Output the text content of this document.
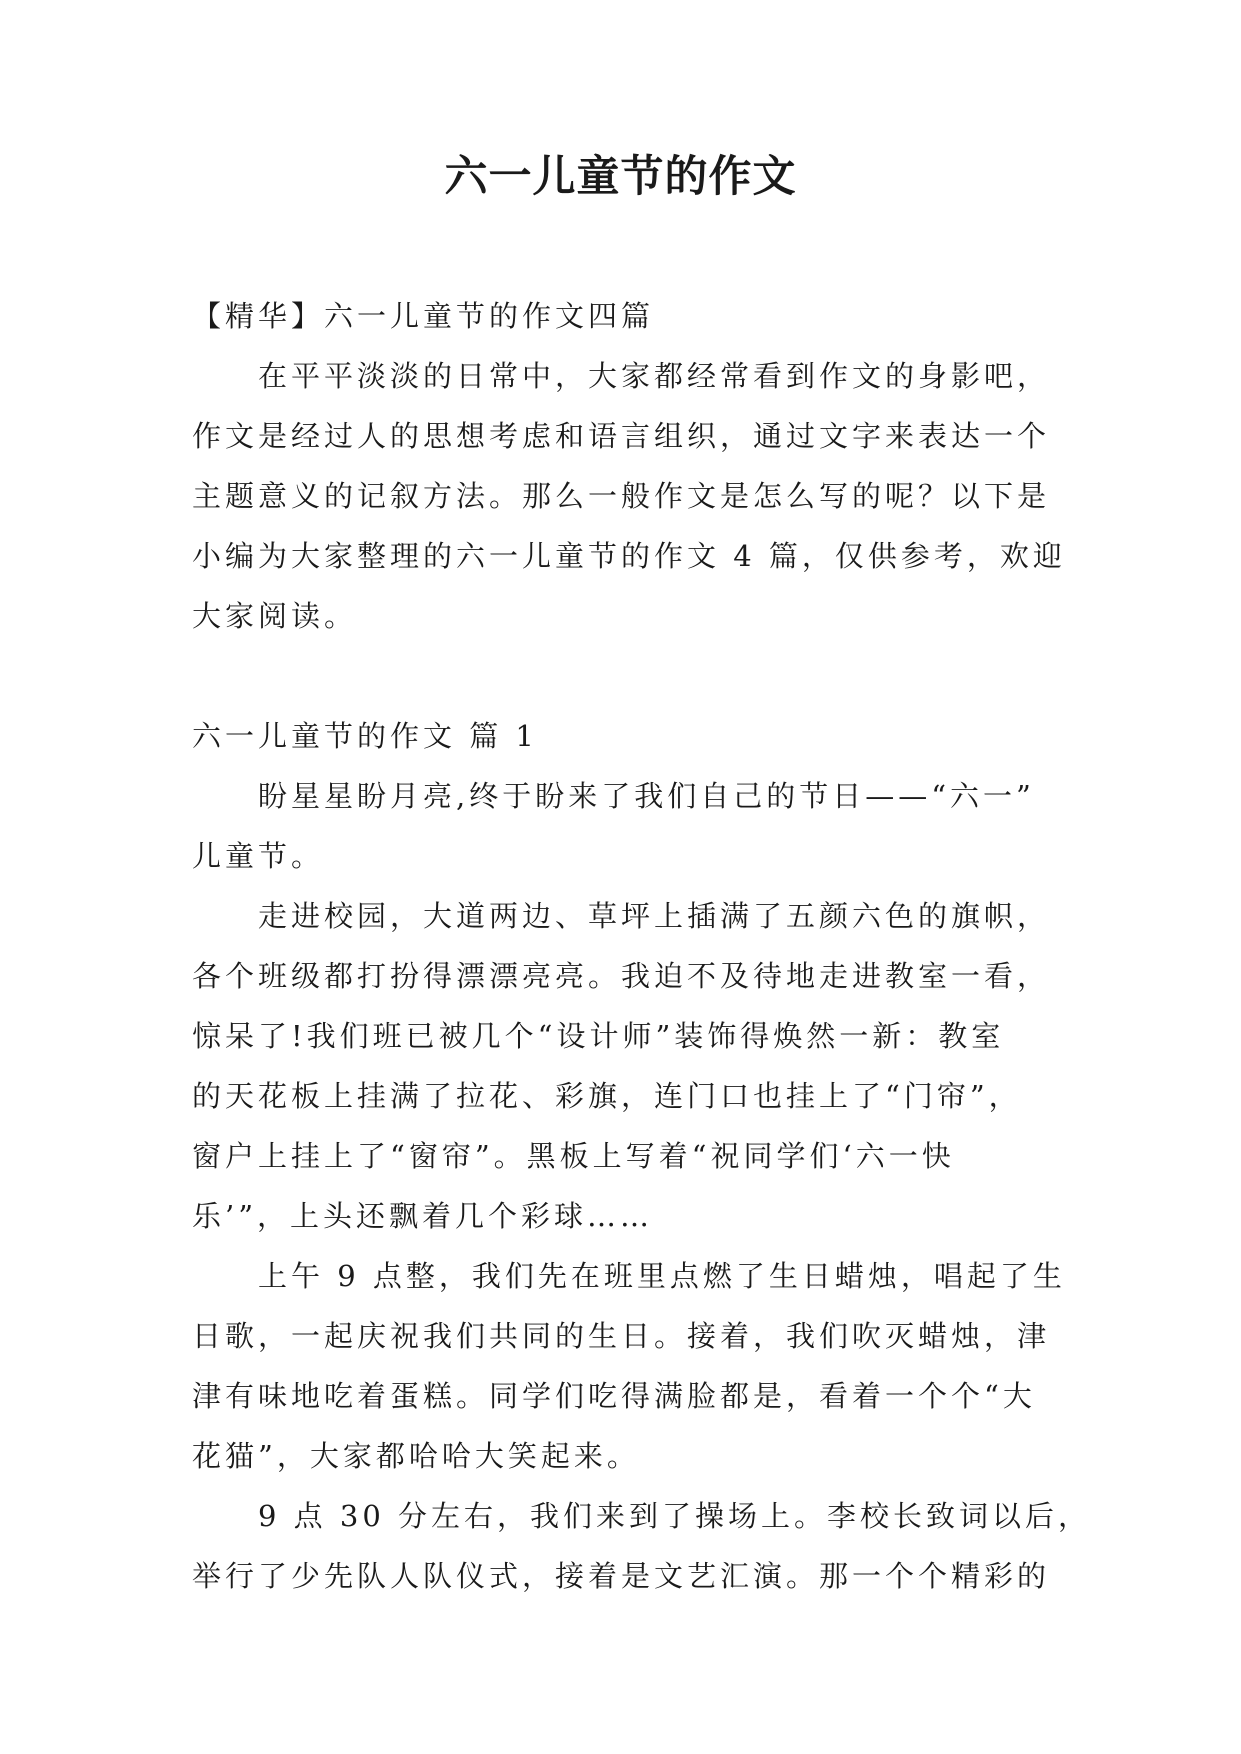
六一儿童节的作文
【精华】六一儿童节的作文四篇
在平平淡淡的日常中，大家都经常看到作文的身影吧，
作文是经过人的思想考虑和语言组织，通过文字来表达一个
主题意义的记叙方法。那么一般作文是怎么写的呢？以下是
小编为大家整理的六一儿童节的作文 4 篇，仅供参考，欢迎
大家阅读。
六一儿童节的作文 篇 1
盼星星盼月亮,终于盼来了我们自己的节日——“六一”
儿童节。
走进校园，大道两边、草坪上插满了五颜六色的旗帜，
各个班级都打扮得漂漂亮亮。我迫不及待地走进教室一看，
惊呆了!我们班已被几个“设计师”装饰得焕然一新：教室
的天花板上挂满了拉花、彩旗，连门口也挂上了“门帘”，
窗户上挂上了“窗帘”。黑板上写着“祝同学们‘六一快
乐’”，上头还飘着几个彩球……
上午 9 点整，我们先在班里点燃了生日蜡烛，唱起了生
日歌，一起庆祝我们共同的生日。接着，我们吹灭蜡烛，津
津有味地吃着蛋糕。同学们吃得满脸都是，看着一个个“大
花猫”，大家都哈哈大笑起来。
9 点 30 分左右，我们来到了操场上。李校长致词以后，
举行了少先队人队仪式，接着是文艺汇演。那一个个精彩的
